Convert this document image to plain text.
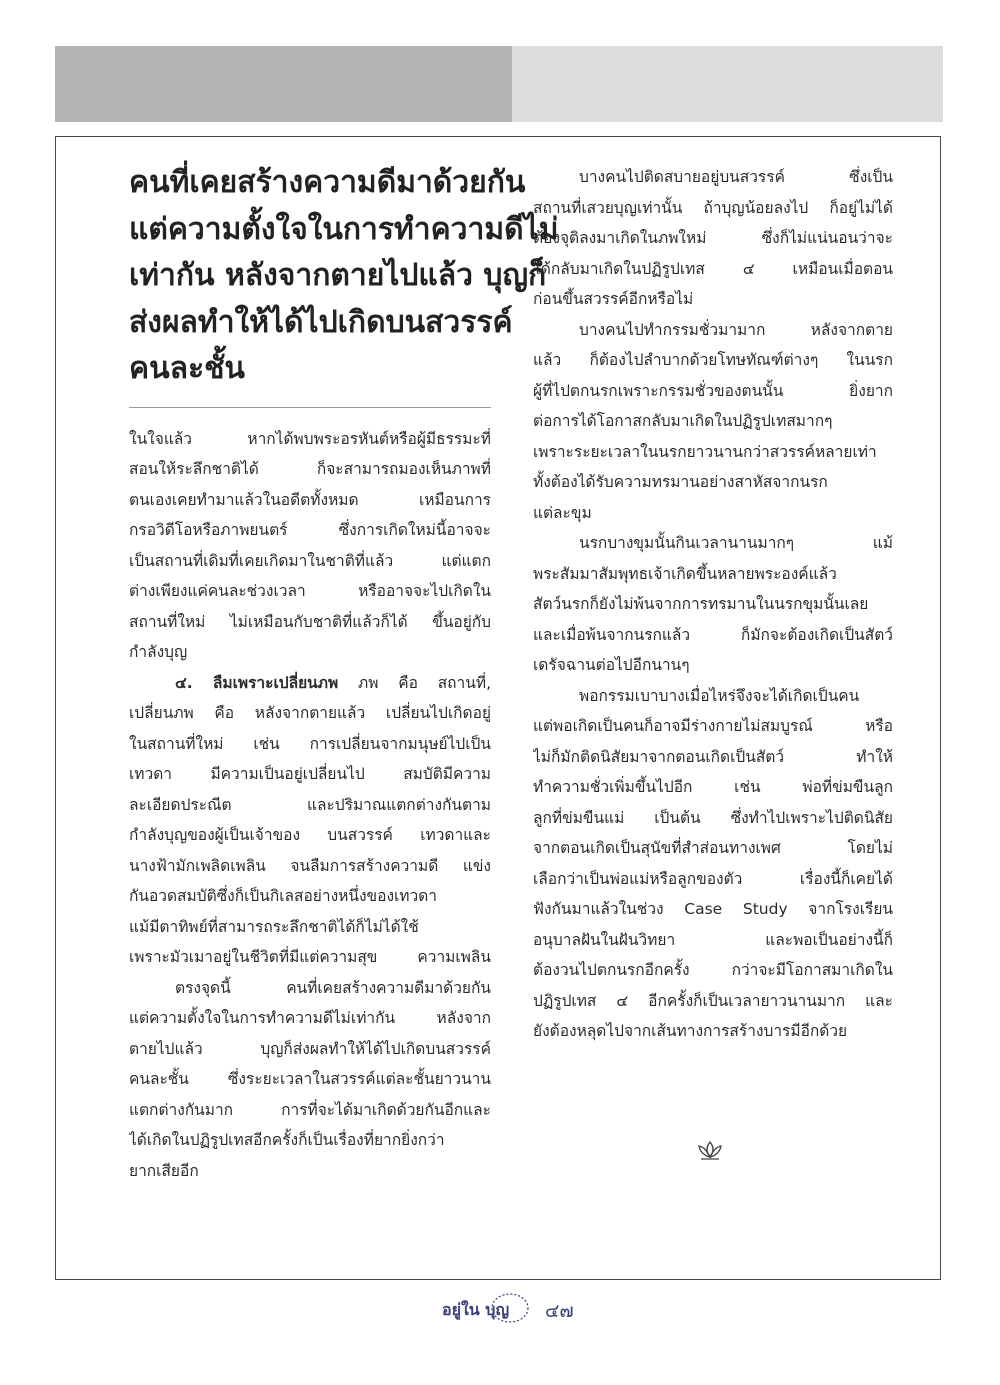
คนที่เคยสร้างความดีมาด้วยกัน
แต่ความตั้งใจในการทำความดีไม่
เท่ากัน หลังจากตายไปแล้ว บุญก็
ส่งผลทำให้ได้ไปเกิดบนสวรรค์
คนละชั้น

ในใจแล้ว หากได้พบพระอรหันต์หรือผู้มีธรรมะที่
สอนให้ระลึกชาติได้ ก็จะสามารถมองเห็นภาพที่
ตนเองเคยทำมาแล้วในอดีตทั้งหมด เหมือนการ
กรอวิดีโอหรือภาพยนตร์ ซึ่งการเกิดใหม่นี้อาจจะ
เป็นสถานที่เดิมที่เคยเกิดมาในชาติที่แล้ว แต่แตก
ต่างเพียงแค่คนละช่วงเวลา หรืออาจจะไปเกิดใน
สถานที่ใหม่ ไม่เหมือนกับชาติที่แล้วก็ได้ ขึ้นอยู่กับ
กำลังบุญ

๔. ลืมเพราะเปลี่ยนภพ ภพ คือ สถานที่,
เปลี่ยนภพ คือ หลังจากตายแล้ว เปลี่ยนไปเกิดอยู่
ในสถานที่ใหม่ เช่น การเปลี่ยนจากมนุษย์ไปเป็น
เทวดา มีความเป็นอยู่เปลี่ยนไป สมบัติมีความ
ละเอียดประณีต และปริมาณแตกต่างกันตาม
กำลังบุญของผู้เป็นเจ้าของ บนสวรรค์ เทวดาและ
นางฟ้ามักเพลิดเพลิน จนลืมการสร้างความดี แข่ง
กันอวดสมบัติซึ่งก็เป็นกิเลสอย่างหนึ่งของเทวดา
แม้มีตาทิพย์ที่สามารถระลึกชาติได้ก็ไม่ได้ใช้
เพราะมัวเมาอยู่ในชีวิตที่มีแต่ความสุข ความเพลิน

ตรงจุดนี้ คนที่เคยสร้างความดีมาด้วยกัน
แต่ความตั้งใจในการทำความดีไม่เท่ากัน หลังจาก
ตายไปแล้ว บุญก็ส่งผลทำให้ได้ไปเกิดบนสวรรค์
คนละชั้น ซึ่งระยะเวลาในสวรรค์แต่ละชั้นยาวนาน
แตกต่างกันมาก การที่จะได้มาเกิดด้วยกันอีกและ
ได้เกิดในปฏิรูปเทสอีกครั้งก็เป็นเรื่องที่ยากยิ่งกว่า
ยากเสียอีก

บางคนไปติดสบายอยู่บนสวรรค์ ซึ่งเป็น
สถานที่เสวยบุญเท่านั้น ถ้าบุญน้อยลงไป ก็อยู่ไม่ได้
ต้องจุติลงมาเกิดในภพใหม่ ซึ่งก็ไม่แน่นอนว่าจะ
ได้กลับมาเกิดในปฏิรูปเทส ๔ เหมือนเมื่อตอน
ก่อนขึ้นสวรรค์อีกหรือไม่

บางคนไปทำกรรมชั่วมามาก หลังจากตาย
แล้ว ก็ต้องไปลำบากด้วยโทษทัณฑ์ต่างๆ ในนรก
ผู้ที่ไปตกนรกเพราะกรรมชั่วของตนนั้น ยิ่งยาก
ต่อการได้โอกาสกลับมาเกิดในปฏิรูปเทสมากๆ
เพราะระยะเวลาในนรกยาวนานกว่าสวรรค์หลายเท่า
ทั้งต้องได้รับความทรมานอย่างสาหัสจากนรก
แต่ละขุม

นรกบางขุมนั้นกินเวลานานมากๆ แม้
พระสัมมาสัมพุทธเจ้าเกิดขึ้นหลายพระองค์แล้ว
สัตว์นรกก็ยังไม่พ้นจากการทรมานในนรกขุมนั้นเลย
และเมื่อพ้นจากนรกแล้ว ก็มักจะต้องเกิดเป็นสัตว์
เดรัจฉานต่อไปอีกนานๆ

พอกรรมเบาบางเมื่อไหร่จึงจะได้เกิดเป็นคน
แต่พอเกิดเป็นคนก็อาจมีร่างกายไม่สมบูรณ์ หรือ
ไม่ก็มักติดนิสัยมาจากตอนเกิดเป็นสัตว์ ทำให้
ทำความชั่วเพิ่มขึ้นไปอีก เช่น พ่อที่ข่มขืนลูก
ลูกที่ข่มขืนแม่ เป็นต้น ซึ่งทำไปเพราะไปติดนิสัย
จากตอนเกิดเป็นสุนัขที่สำส่อนทางเพศ โดยไม่
เลือกว่าเป็นพ่อแม่หรือลูกของตัว เรื่องนี้ก็เคยได้
ฟังกันมาแล้วในช่วง Case Study จากโรงเรียน
อนุบาลฝันในฝันวิทยา และพอเป็นอย่างนี้ก็
ต้องวนไปตกนรกอีกครั้ง กว่าจะมีโอกาสมาเกิดใน
ปฏิรูปเทส ๔ อีกครั้งก็เป็นเวลายาวนานมาก และ
ยังต้องหลุดไปจากเส้นทางการสร้างบารมีอีกด้วย

อยู่ใน บุญ ๔๗
